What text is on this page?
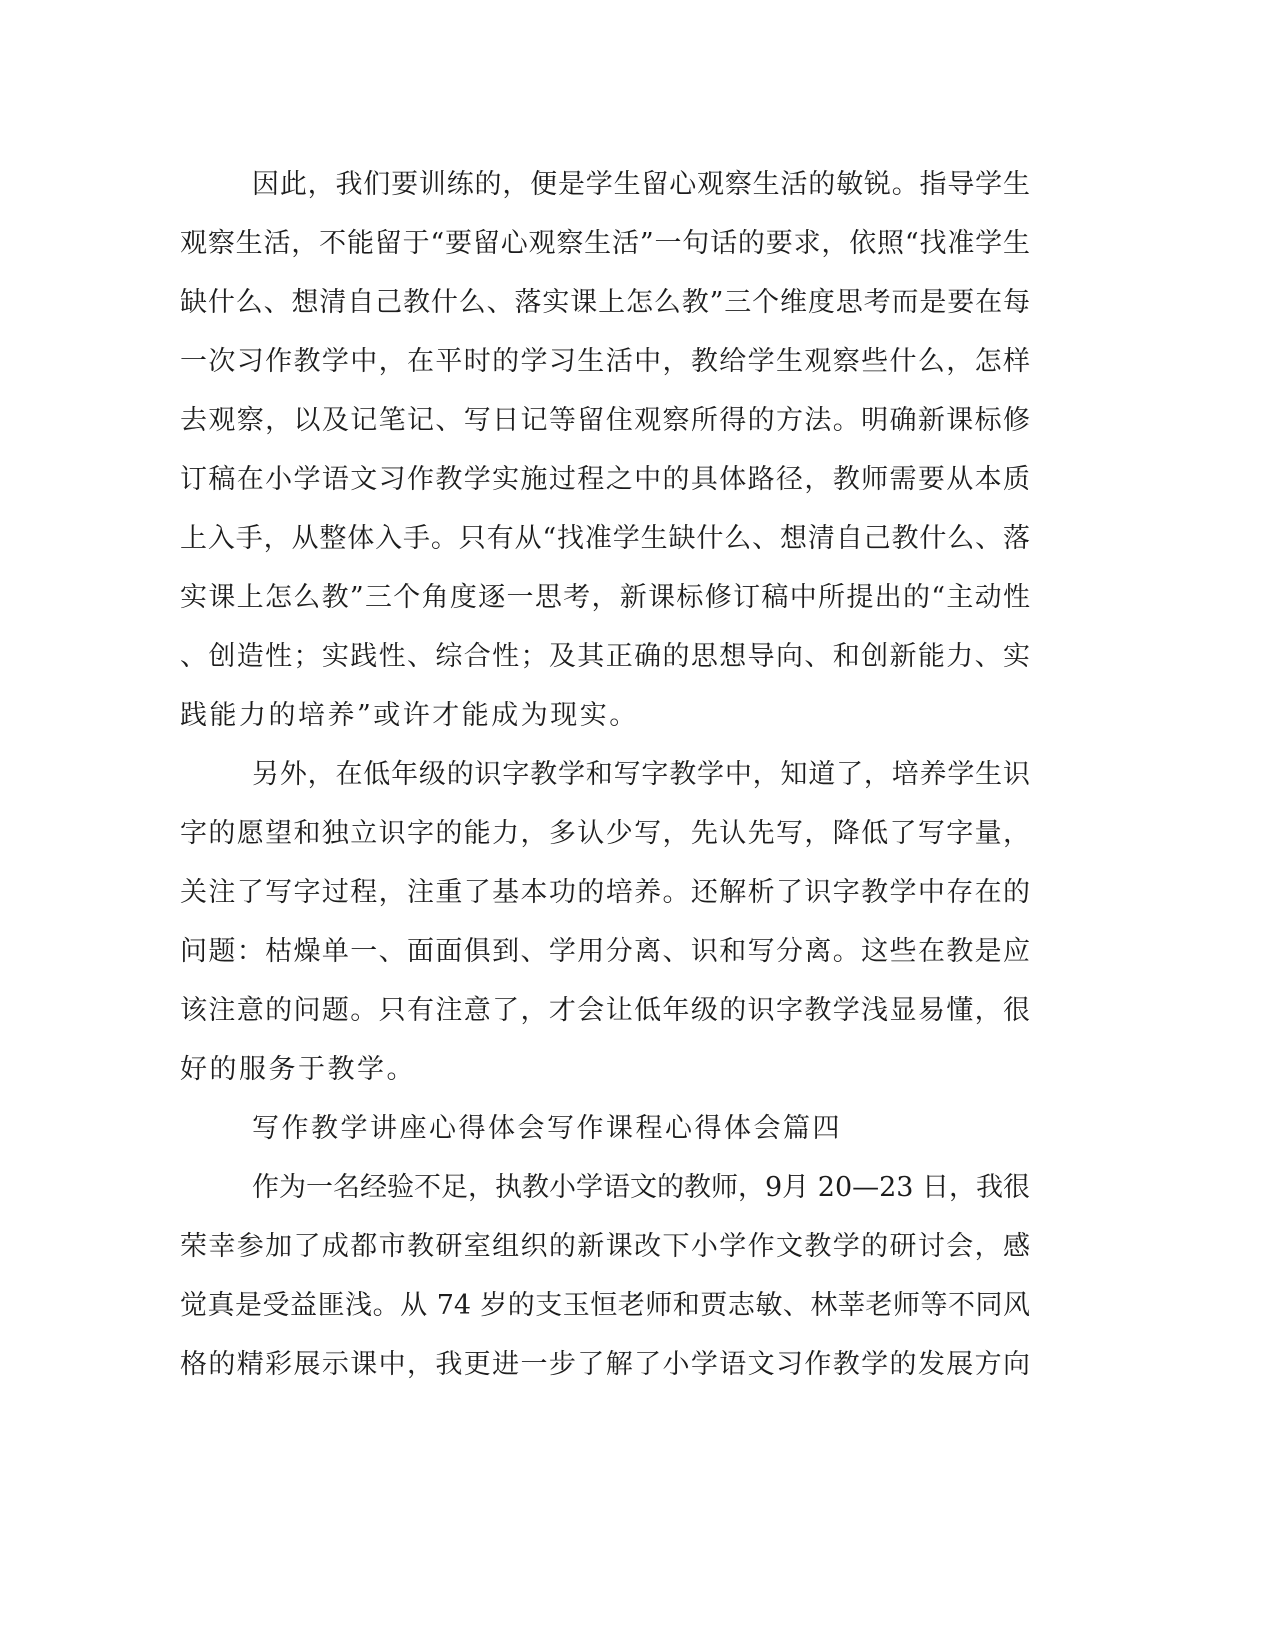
因此，我们要训练的，便是学生留心观察生活的敏锐。指导学生
观察生活，不能留于“要留心观察生活”一句话的要求，依照“找准学生
缺什么、想清自己教什么、落实课上怎么教”三个维度思考而是要在每
一次习作教学中，在平时的学习生活中，教给学生观察些什么，怎样
去观察，以及记笔记、写日记等留住观察所得的方法。明确新课标修
订稿在小学语文习作教学实施过程之中的具体路径，教师需要从本质
上入手，从整体入手。只有从“找准学生缺什么、想清自己教什么、落
实课上怎么教”三个角度逐一思考，新课标修订稿中所提出的“主动性
、创造性；实践性、综合性；及其正确的思想导向、和创新能力、实
践能力的培养”或许才能成为现实。
另外，在低年级的识字教学和写字教学中，知道了，培养学生识
字的愿望和独立识字的能力，多认少写，先认先写，降低了写字量，
关注了写字过程，注重了基本功的培养。还解析了识字教学中存在的
问题：枯燥单一、面面俱到、学用分离、识和写分离。这些在教是应
该注意的问题。只有注意了，才会让低年级的识字教学浅显易懂，很
好的服务于教学。
写作教学讲座心得体会写作课程心得体会篇四
作为一名经验不足，执教小学语文的教师，9月 20—23 日，我很
荣幸参加了成都市教研室组织的新课改下小学作文教学的研讨会，感
觉真是受益匪浅。从 74 岁的支玉恒老师和贾志敏、林莘老师等不同风
格的精彩展示课中，我更进一步了解了小学语文习作教学的发展方向
